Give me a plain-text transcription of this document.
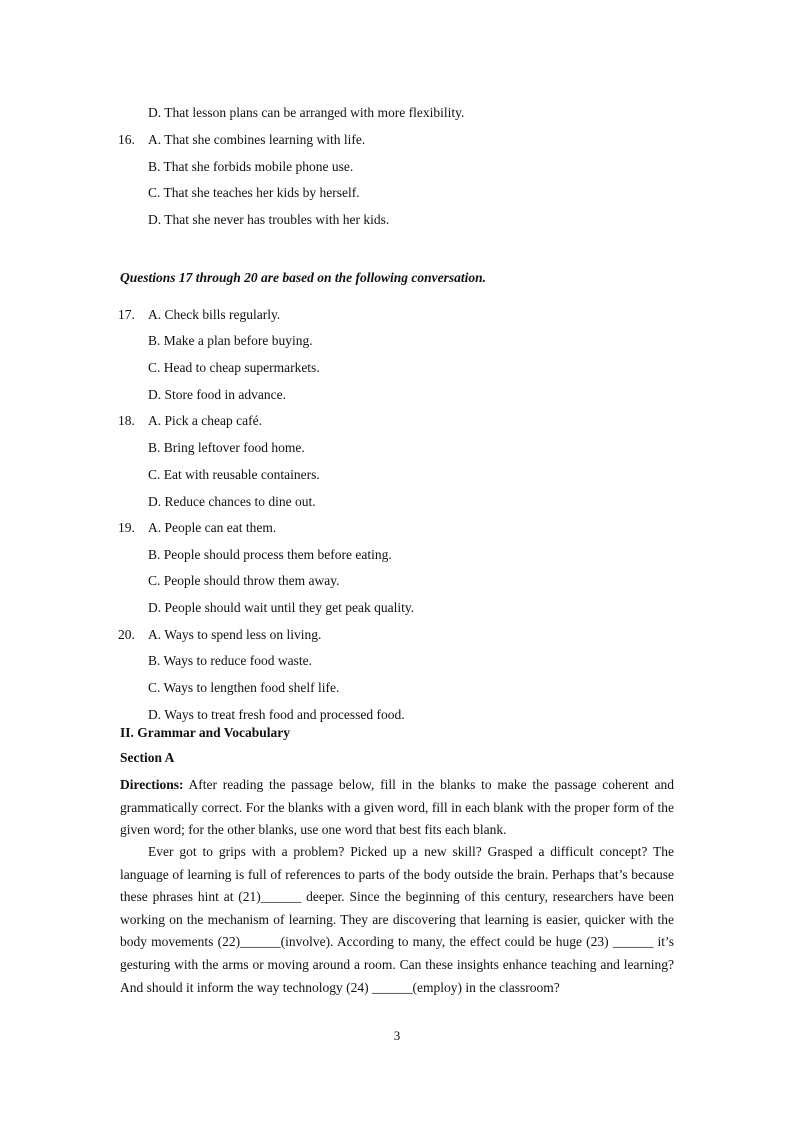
D. That lesson plans can be arranged with more flexibility.
16. A. That she combines learning with life.
B. That she forbids mobile phone use.
C. That she teaches her kids by herself.
D. That she never has troubles with her kids.
Questions 17 through 20 are based on the following conversation.
17. A. Check bills regularly.
B. Make a plan before buying.
C. Head to cheap supermarkets.
D. Store food in advance.
18. A. Pick a cheap café.
B. Bring leftover food home.
C. Eat with reusable containers.
D. Reduce chances to dine out.
19. A. People can eat them.
B. People should process them before eating.
C. People should throw them away.
D. People should wait until they get peak quality.
20. A. Ways to spend less on living.
B. Ways to reduce food waste.
C. Ways to lengthen food shelf life.
D. Ways to treat fresh food and processed food.
II. Grammar and Vocabulary
Section A
Directions: After reading the passage below, fill in the blanks to make the passage coherent and grammatically correct. For the blanks with a given word, fill in each blank with the proper form of the given word; for the other blanks, use one word that best fits each blank.
Ever got to grips with a problem? Picked up a new skill? Grasped a difficult concept? The language of learning is full of references to parts of the body outside the brain. Perhaps that’s because these phrases hint at (21)______ deeper. Since the beginning of this century, researchers have been working on the mechanism of learning. They are discovering that learning is easier, quicker with the body movements (22)______(involve). According to many, the effect could be huge (23) ______ it’s gesturing with the arms or moving around a room. Can these insights enhance teaching and learning? And should it inform the way technology (24) ______(employ) in the classroom?
3
